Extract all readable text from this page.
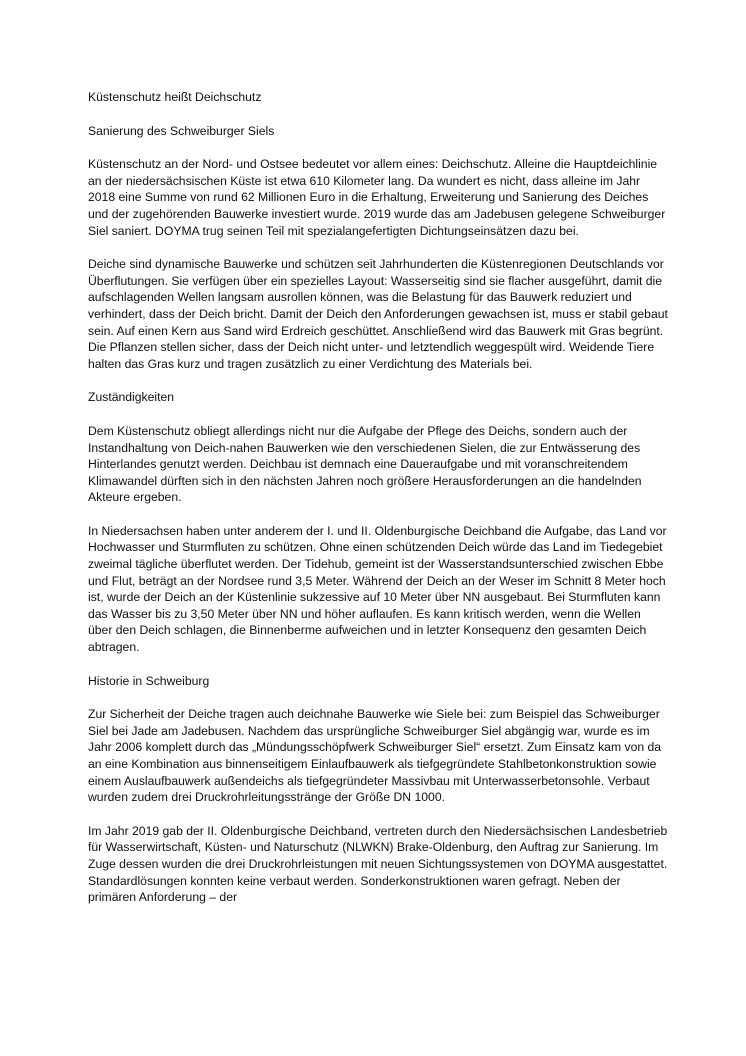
Küstenschutz heißt Deichschutz

Sanierung des Schweiburger Siels

Küstenschutz an der Nord- und Ostsee bedeutet vor allem eines: Deichschutz. Alleine die Hauptdeichlinie an der niedersächsischen Küste ist etwa 610 Kilometer lang. Da wundert es nicht, dass alleine im Jahr 2018 eine Summe von rund 62 Millionen Euro in die Erhaltung, Erweiterung und Sanierung des Deiches und der zugehörenden Bauwerke investiert wurde. 2019 wurde das am Jadebusen gelegene Schweiburger Siel saniert. DOYMA trug seinen Teil mit spezialangefertigten Dichtungseinsätzen dazu bei.

Deiche sind dynamische Bauwerke und schützen seit Jahrhunderten die Küstenregionen Deutschlands vor Überflutungen. Sie verfügen über ein spezielles Layout: Wasserseitig sind sie flacher ausgeführt, damit die aufschlagenden Wellen langsam ausrollen können, was die Belastung für das Bauwerk reduziert und verhindert, dass der Deich bricht. Damit der Deich den Anforderungen gewachsen ist, muss er stabil gebaut sein. Auf einen Kern aus Sand wird Erdreich geschüttet. Anschließend wird das Bauwerk mit Gras begrünt. Die Pflanzen stellen sicher, dass der Deich nicht unter- und letztendlich weggespült wird. Weidende Tiere halten das Gras kurz und tragen zusätzlich zu einer Verdichtung des Materials bei.

Zuständigkeiten

Dem Küstenschutz obliegt allerdings nicht nur die Aufgabe der Pflege des Deichs, sondern auch der Instandhaltung von Deich-nahen Bauwerken wie den verschiedenen Sielen, die zur Entwässerung des Hinterlandes genutzt werden. Deichbau ist demnach eine Daueraufgabe und mit voranschreitendem Klimawandel dürften sich in den nächsten Jahren noch größere Herausforderungen an die handelnden Akteure ergeben.

In Niedersachsen haben unter anderem der I. und II. Oldenburgische Deichband die Aufgabe, das Land vor Hochwasser und Sturmfluten zu schützen. Ohne einen schützenden Deich würde das Land im Tiedegebiet zweimal tägliche überflutet werden. Der Tidehub, gemeint ist der Wasserstandsunterschied zwischen Ebbe und Flut, beträgt an der Nordsee rund 3,5 Meter. Während der Deich an der Weser im Schnitt 8 Meter hoch ist, wurde der Deich an der Küstenlinie sukzessive auf 10 Meter über NN ausgebaut. Bei Sturmfluten kann das Wasser bis zu 3,50 Meter über NN und höher auflaufen. Es kann kritisch werden, wenn die Wellen über den Deich schlagen, die Binnenberme aufweichen und in letzter Konsequenz den gesamten Deich abtragen.

Historie in Schweiburg

Zur Sicherheit der Deiche tragen auch deichnahe Bauwerke wie Siele bei: zum Beispiel das Schweiburger Siel bei Jade am Jadebusen. Nachdem das ursprüngliche Schweiburger Siel abgängig war, wurde es im Jahr 2006 komplett durch das „Mündungsschöpfwerk Schweiburger Siel“ ersetzt. Zum Einsatz kam von da an eine Kombination aus binnenseitigem Einlaufbauwerk als tiefgegründete Stahlbetonkonstruktion sowie einem Auslaufbauwerk außendeichs als tiefgegründeter Massivbau mit Unterwasserbetonsohle. Verbaut wurden zudem drei Druckrohrleitungsstränge der Größe DN 1000.

Im Jahr 2019 gab der II. Oldenburgische Deichband, vertreten durch den Niedersächsischen Landesbetrieb für Wasserwirtschaft, Küsten- und Naturschutz (NLWKN) Brake-Oldenburg, den Auftrag zur Sanierung. Im Zuge dessen wurden die drei Druckrohrleistungen mit neuen Sichtungssystemen von DOYMA ausgestattet. Standardlösungen konnten keine verbaut werden. Sonderkonstruktionen waren gefragt. Neben der primären Anforderung – der
